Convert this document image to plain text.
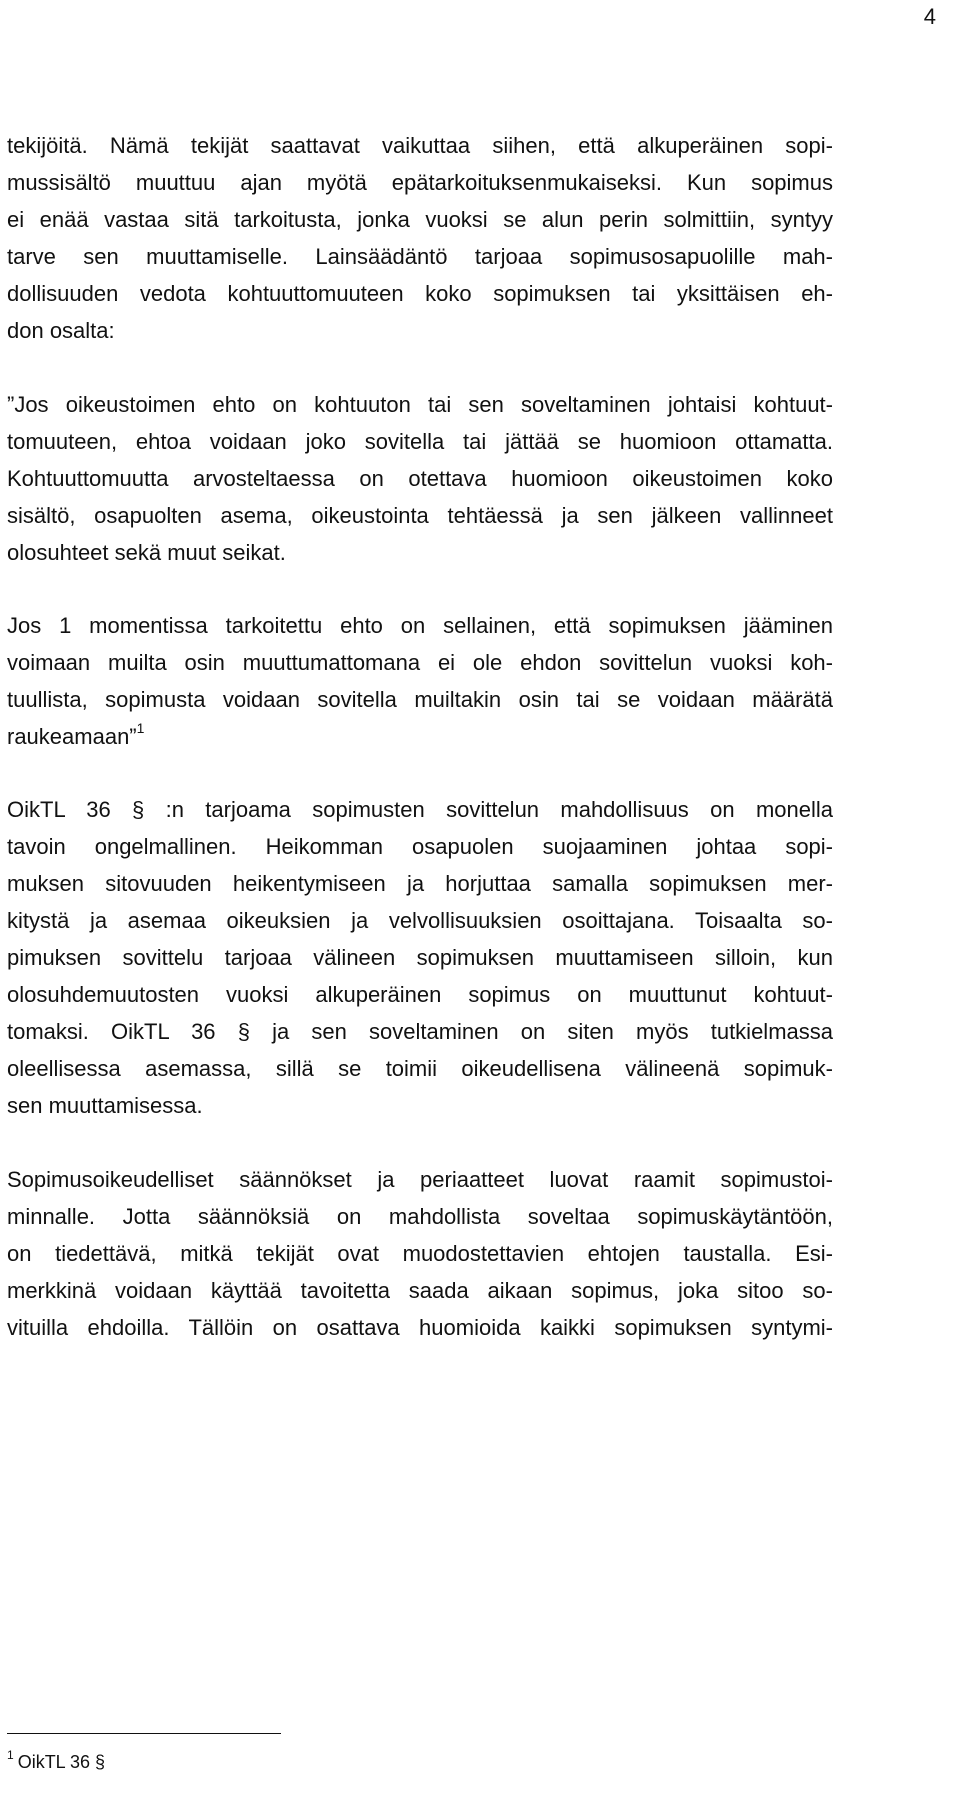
4
tekijöitä. Nämä tekijät saattavat vaikuttaa siihen, että alkuperäinen sopi-
mussisältö muuttuu ajan myötä epätarkoituksenmukaiseksi. Kun sopimus
ei enää vastaa sitä tarkoitusta, jonka vuoksi se alun perin solmittiin, syntyy
tarve sen muuttamiselle. Lainsäädäntö tarjoaa sopimusosapuolille mah-
dollisuuden vedota kohtuuttomuuteen koko sopimuksen tai yksittäisen eh-
don osalta:
”Jos oikeustoimen ehto on kohtuuton tai sen soveltaminen johtaisi kohtuut-
tomuuteen, ehtoa voidaan joko sovitella tai jättää se huomioon ottamatta.
Kohtuuttomuutta arvosteltaessa on otettava huomioon oikeustoimen koko
sisältö, osapuolten asema, oikeustointa tehtäessä ja sen jälkeen vallinneet
olosuhteet sekä muut seikat.
Jos 1 momentissa tarkoitettu ehto on sellainen, että sopimuksen jääminen
voimaan muilta osin muuttumattomana ei ole ehdon sovittelun vuoksi koh-
tuullista, sopimusta voidaan sovitella muiltakin osin tai se voidaan määrätä
raukeamaan”$^1$
OikTL 36 § :n tarjoama sopimusten sovittelun mahdollisuus on monella
tavoin ongelmallinen. Heikomman osapuolen suojaaminen johtaa sopi-
muksen sitovuuden heikentymiseen ja horjuttaa samalla sopimuksen mer-
kitystä ja asemaa oikeuksien ja velvollisuuksien osoittajana. Toisaalta so-
pimuksen sovittelu tarjoaa välineen sopimuksen muuttamiseen silloin, kun
olosuhdemuutosten vuoksi alkuperäinen sopimus on muuttunut kohtuut-
tomaksi. OikTL 36 § ja sen soveltaminen on siten myös tutkielmassa
oleellisessa asemassa, sillä se toimii oikeudellisena välineenä sopimuk-
sen muuttamisessa.
Sopimusoikeudelliset säännökset ja periaatteet luovat raamit sopimustoi-
minnalle. Jotta säännöksiä on mahdollista soveltaa sopimuskäytäntöön,
on tiedettävä, mitkä tekijät ovat muodostettavien ehtojen taustalla. Esi-
merkkinä voidaan käyttää tavoitetta saada aikaan sopimus, joka sitoo so-
vituilla ehdoilla. Tällöin on osattava huomioida kaikki sopimuksen syntymi-
$^1$ OikTL 36 §
